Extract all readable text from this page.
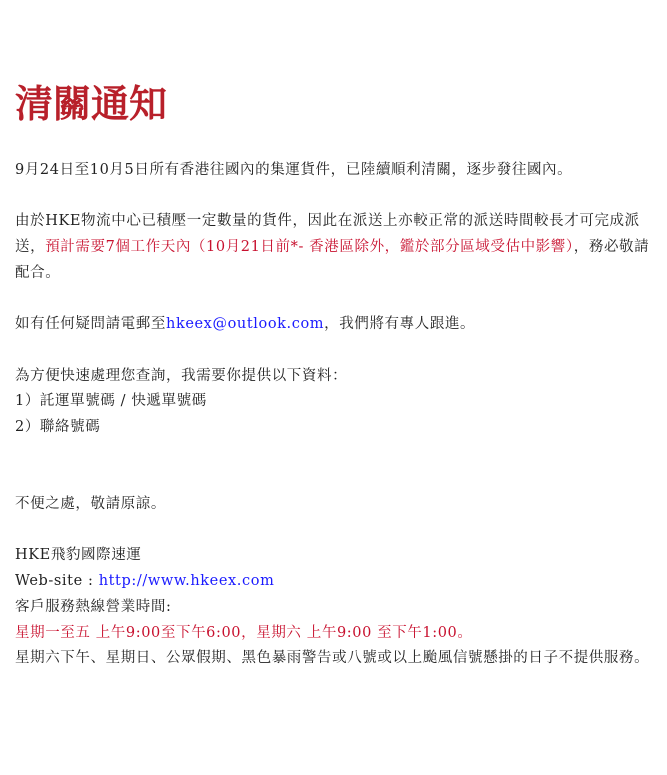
清關通知

9月24日至10月5日所有香港往國內的集運貨件，已陸續順利清關，逐步發往國內。

由於HKE物流中心已積壓一定數量的貨件，因此在派送上亦較正常的派送時間較長才可完成派送，預計需要7個工作天內（10月21日前*- 香港區除外，鑑於部分區域受估中影響），務必敬請配合。

如有任何疑問請電郵至hkeex@outlook.com，我們將有專人跟進。

為方便快速處理您查詢，我需要你提供以下資料：

1）託運單號碼 / 快遞單號碼

2）聯絡號碼

不便之處，敬請原諒。

HKE飛豹國際速運

Web-site : http://www.hkeex.com

客戶服務熱線營業時間:

星期一至五 上午9:00至下午6:00，星期六 上午9:00 至下午1:00。

星期六下午、星期日、公眾假期、黑色暴雨警告或八號或以上颱風信號懸掛的日子不提供服務。
